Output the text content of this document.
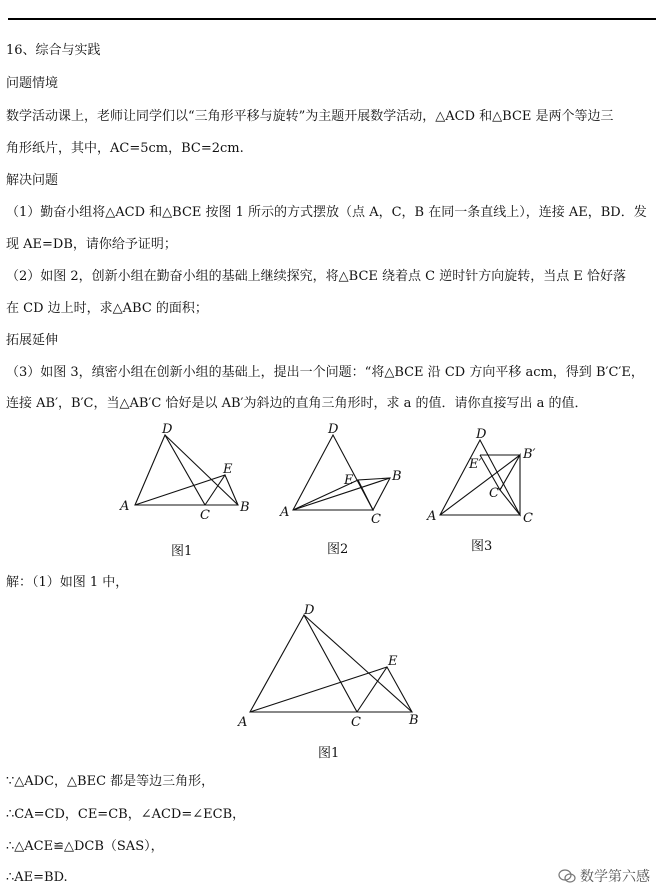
16、综合与实践
问题情境
数学活动课上，老师让同学们以“三角形平移与旋转”为主题开展数学活动，△ACD 和△BCE 是两个等边三
角形纸片，其中，AC=5cm，BC=2cm.
解决问题
（1）勤奋小组将△ACD 和△BCE 按图 1 所示的方式摆放（点 A，C，B 在同一条直线上），连接 AE，BD．发
现 AE=DB，请你给予证明；
（2）如图 2，创新小组在勤奋小组的基础上继续探究，将△BCE 绕着点 C 逆时针方向旋转，当点 E 恰好落
在 CD 边上时，求△ABC 的面积；
拓展延伸
（3）如图 3，缜密小组在创新小组的基础上，提出一个问题：“将△BCE 沿 CD 方向平移 acm，得到 B′C′E，
连接 AB′，B′C，当△AB′C 恰好是以 AB′为斜边的直角三角形时，求 a 的值．请你直接写出 a 的值．
D
E
A
C
B
图1
D
E	B
A	C
图2
D
E′
B′
C′
A	C
图3
解：（1）如图 1 中，
D
E
A	C	B
图1
∵△ADC，△BEC 都是等边三角形，
∴CA=CD，CE=CB，∠ACD=∠ECB，
∴△ACE≌△DCB（SAS），
∴AE=BD.	数学第六感
